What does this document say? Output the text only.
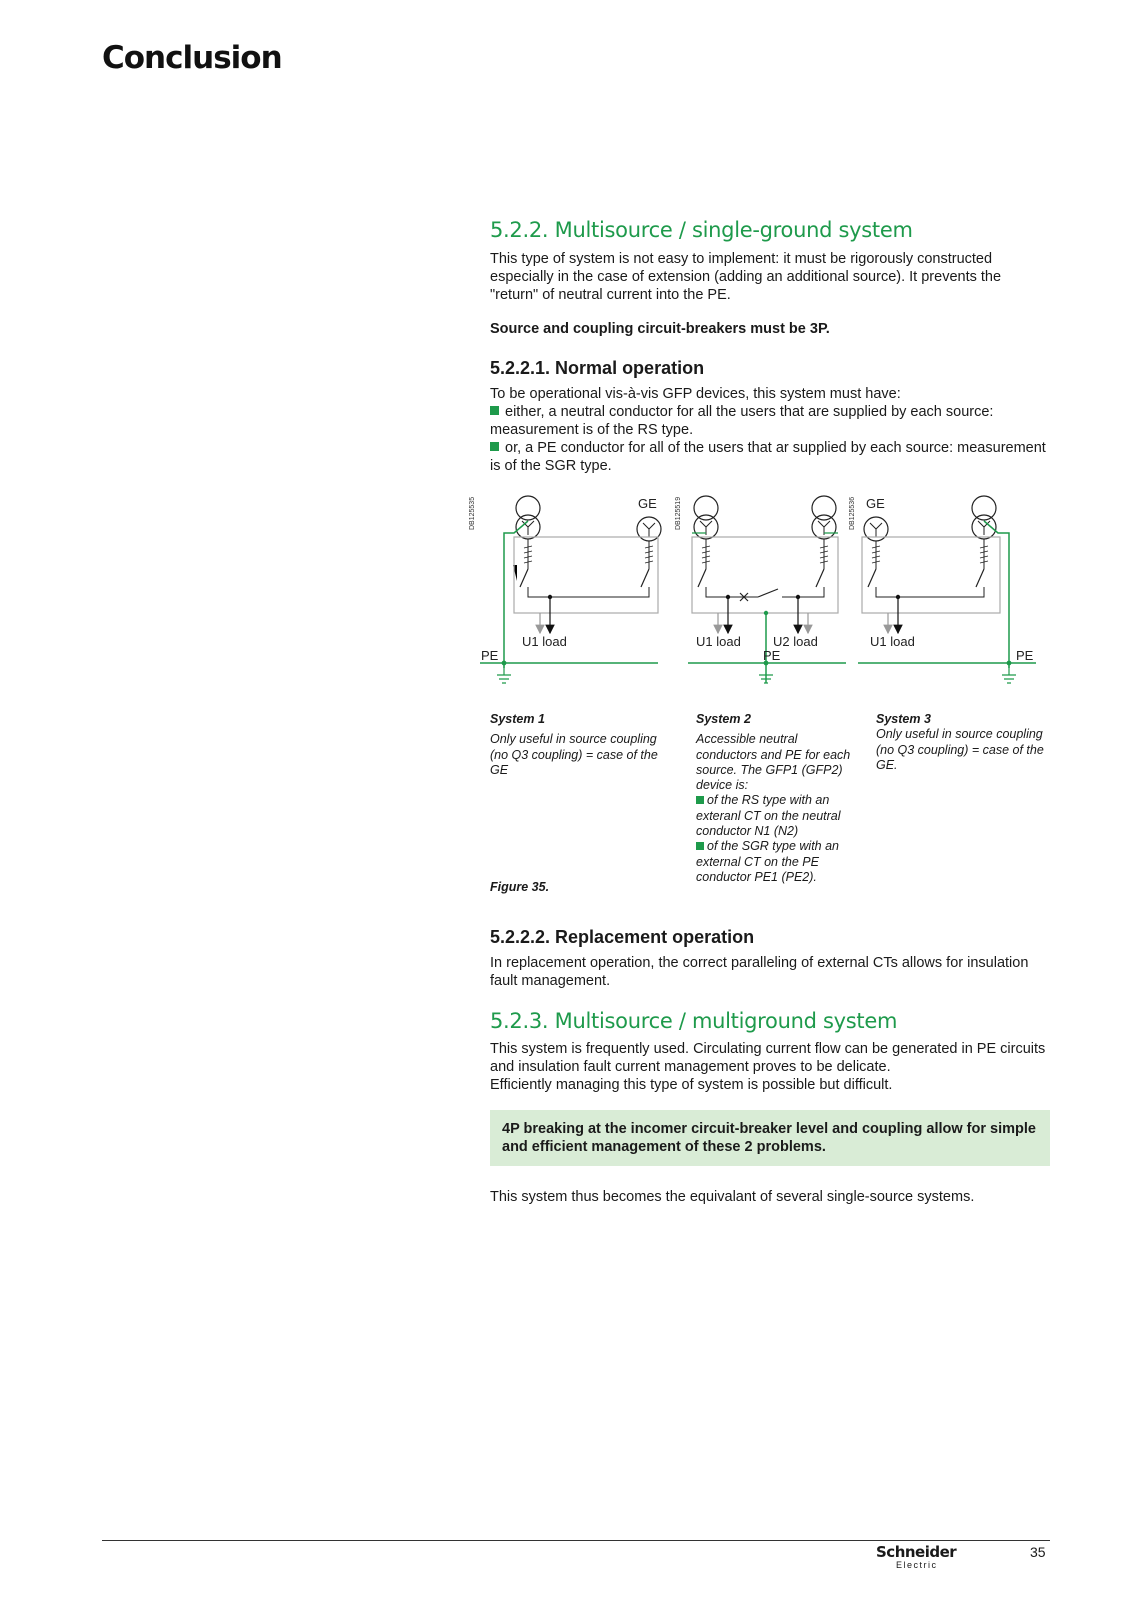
Conclusion
5.2.2. Multisource / single-ground system

This type of system is not easy to implement: it must be rigorously constructed especially in the case of extension (adding an additional source). It prevents the "return" of neutral current into the PE.

Source and coupling circuit-breakers must be 3P.

5.2.2.1. Normal operation

To be operational vis-à-vis GFP devices, this system must have:

either, a neutral conductor for all the users that are supplied by each source: measurement is of the RS type.

or, a PE conductor for all of the users that ar supplied by each source: measurement is of the SGR type.

DB125535	GE
U1 load
PE
DB125519
U1 load U2 load
PE
DB125536 GE
U1 load
PE
System 1
Only useful in source coupling (no Q3 coupling) = case of the GE
System 2
Accessible neutral conductors and PE for each source. The GFP1 (GFP2) device is:
of the RS type with an exteranl CT on the neutral conductor N1 (N2)
of the SGR type with an external CT on the PE conductor PE1 (PE2).
System 3
Only useful in source coupling (no Q3 coupling) = case of the GE.

Figure 35.

5.2.2.2. Replacement operation

In replacement operation, the correct paralleling of external CTs allows for insulation fault management.

5.2.3. Multisource / multiground system

This system is frequently used. Circulating current flow can be generated in PE circuits and insulation fault current management proves to be delicate.

Efficiently managing this type of system is possible but difficult.

4P breaking at the incomer circuit-breaker level and coupling allow for simple and efficient management of these 2 problems.

This system thus becomes the equivalant of several single-source systems.

Schneider
Electric
35
